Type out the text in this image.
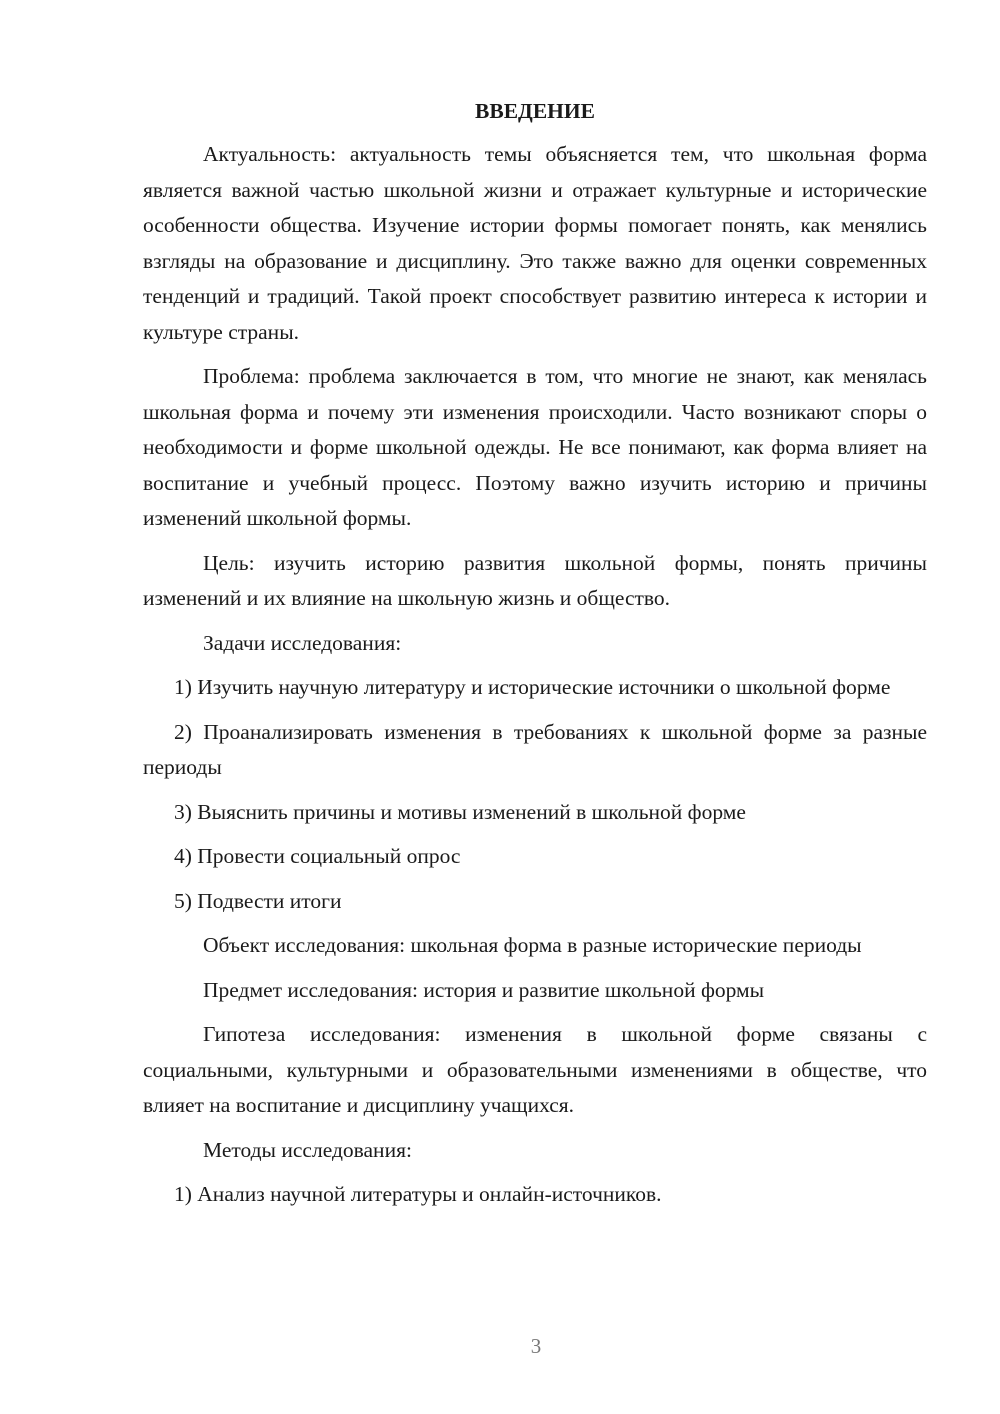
ВВЕДЕНИЕ
Актуальность: актуальность темы объясняется тем, что школьная форма является важной частью школьной жизни и отражает культурные и исторические особенности общества. Изучение истории формы помогает понять, как менялись взгляды на образование и дисциплину. Это также важно для оценки современных тенденций и традиций. Такой проект способствует развитию интереса к истории и культуре страны.
Проблема: проблема заключается в том, что многие не знают, как менялась школьная форма и почему эти изменения происходили. Часто возникают споры о необходимости и форме школьной одежды. Не все понимают, как форма влияет на воспитание и учебный процесс. Поэтому важно изучить историю и причины изменений школьной формы.
Цель: изучить историю развития школьной формы, понять причины изменений и их влияние на школьную жизнь и общество.
Задачи исследования:
1) Изучить научную литературу и исторические источники о школьной форме
2) Проанализировать изменения в требованиях к школьной форме за разные периоды
3) Выяснить причины и мотивы изменений в школьной форме
4) Провести социальный опрос
5) Подвести итоги
Объект исследования: школьная форма в разные исторические периоды
Предмет исследования: история и развитие школьной формы
Гипотеза исследования: изменения в школьной форме связаны с социальными, культурными и образовательными изменениями в обществе, что влияет на воспитание и дисциплину учащихся.
Методы исследования:
1) Анализ научной литературы и онлайн-источников.
3
